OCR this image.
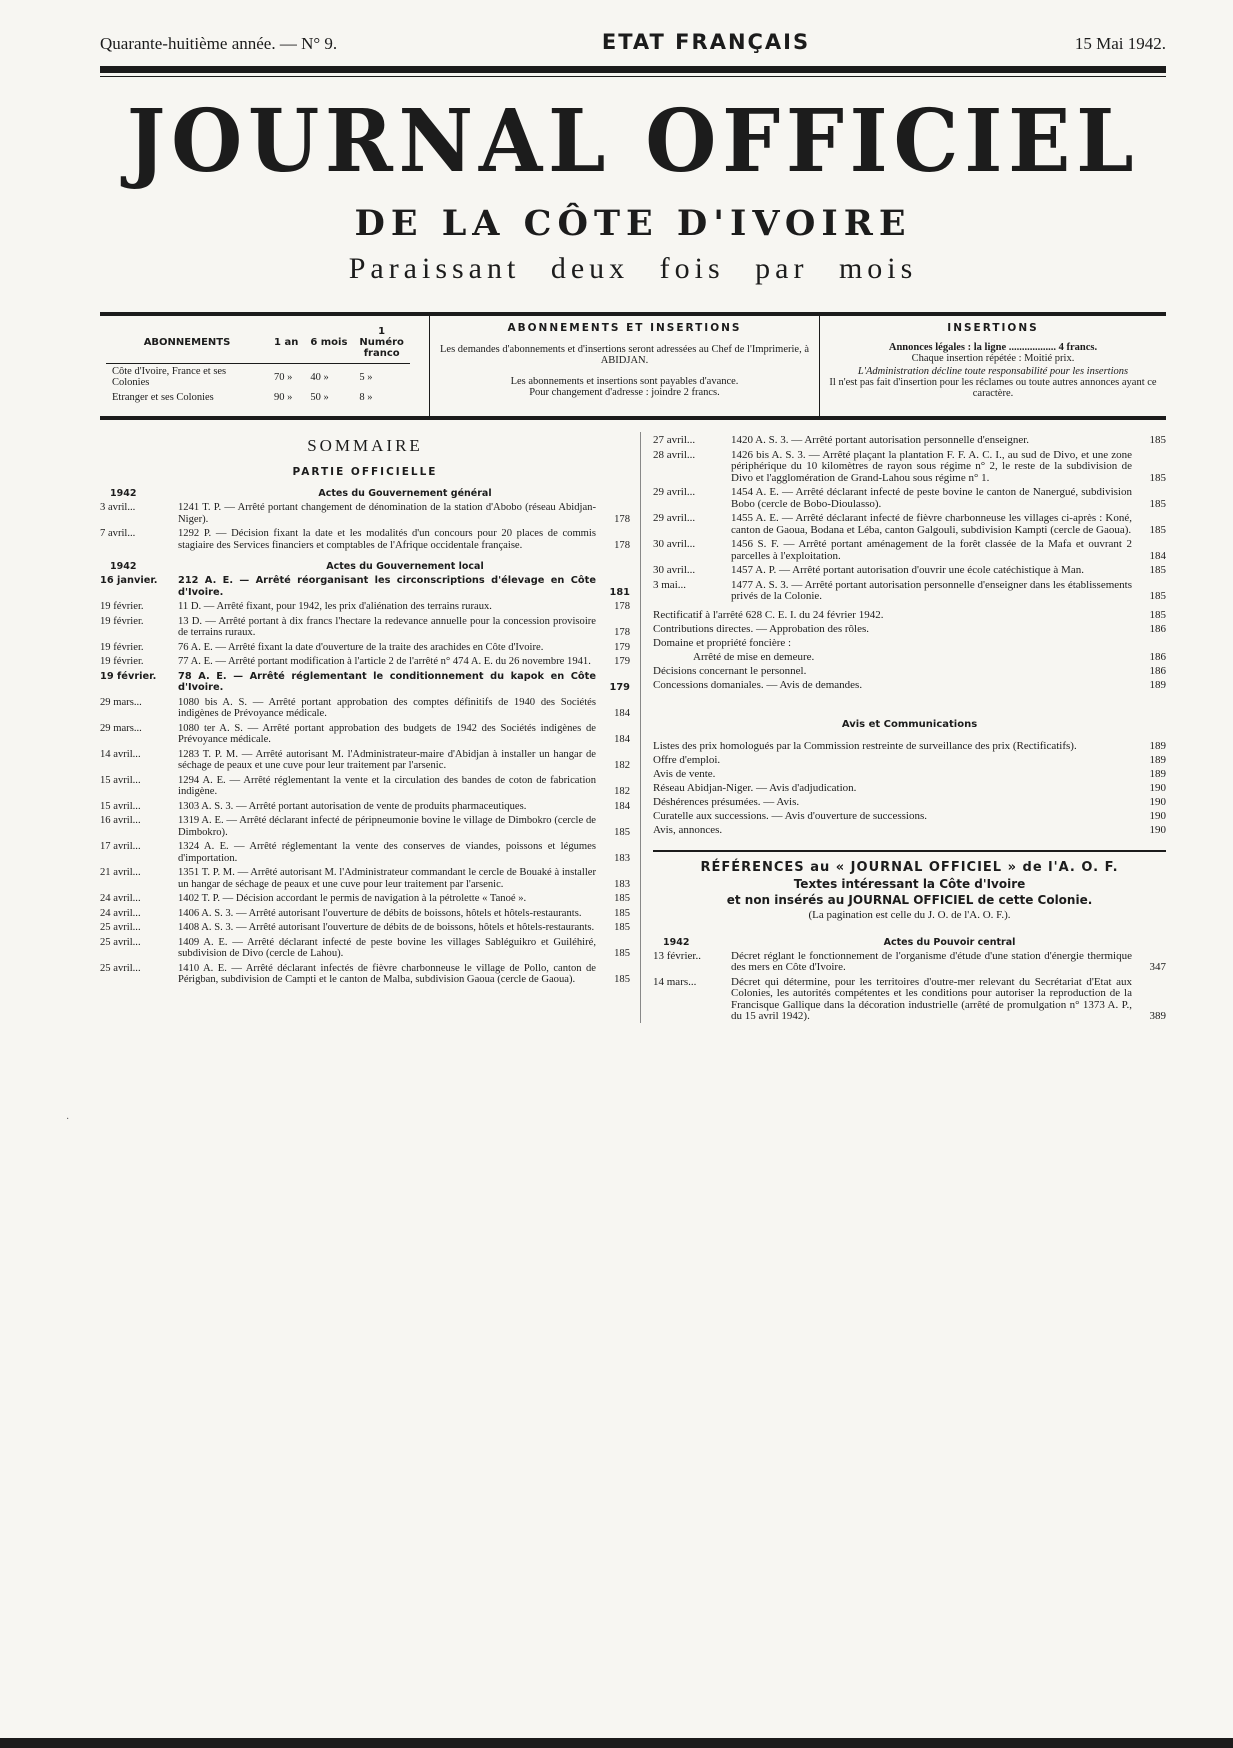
Quarante-huitième année. — N° 9.	ETAT FRANÇAIS	15 Mai 1942.
JOURNAL OFFICIEL
DE LA CÔTE D'IVOIRE
Paraissant deux fois par mois
ABONNEMENTS	1 an	6 mois	1 Numéro franco
Côte d'Ivoire, France et ses Colonies	70 »	40 »	5 »
Etranger et ses Colonies	90 »	50 »	8 »
ABONNEMENTS ET INSERTIONS
Les demandes d'abonnements et d'insertions seront adressées au Chef de l'Imprimerie, à ABIDJAN.
Les abonnements et insertions sont payables d'avance.
Pour changement d'adresse : joindre 2 francs.
INSERTIONS
Annonces légales : la ligne .................. 4 francs.
Chaque insertion répétée : Moitié prix.
L'Administration décline toute responsabilité pour les insertions
Il n'est pas fait d'insertion pour les réclames ou toute autres annonces ayant ce caractère.
SOMMAIRE
PARTIE OFFICIELLE
1942	Actes du Gouvernement général
3 avril...	1241 T. P. — Arrêté portant changement de dénomination de la station d'Abobo (réseau Abidjan-Niger).	178
7 avril...	1292 P. — Décision fixant la date et les modalités d'un concours pour 20 places de commis stagiaire des Services financiers et comptables de l'Afrique occidentale française.	178
1942	Actes du Gouvernement local
16 janvier.	212 A. E. — Arrêté réorganisant les circonscriptions d'élevage en Côte d'Ivoire.	181
19 février.	11 D. — Arrêté fixant, pour 1942, les prix d'aliénation des terrains ruraux.	178
19 février.	13 D. — Arrêté portant à dix francs l'hectare la redevance annuelle pour la concession provisoire de terrains ruraux.	178
19 février.	76 A. E. — Arrêté fixant la date d'ouverture de la traite des arachides en Côte d'Ivoire.	179
19 février.	77 A. E. — Arrêté portant modification à l'article 2 de l'arrêté n° 474 A. E. du 26 novembre 1941.	179
19 février.	78 A. E. — Arrêté réglementant le conditionnement du kapok en Côte d'Ivoire.	179
29 mars...	1080 bis A. S. — Arrêté portant approbation des comptes définitifs de 1940 des Sociétés indigènes de Prévoyance médicale.	184
29 mars...	1080 ter A. S. — Arrêté portant approbation des budgets de 1942 des Sociétés indigènes de Prévoyance médicale.	184
14 avril...	1283 T. P. M. — Arrêté autorisant M. l'Administrateur-maire d'Abidjan à installer un hangar de séchage de peaux et une cuve pour leur traitement par l'arsenic.	182
15 avril...	1294 A. E. — Arrêté réglementant la vente et la circulation des bandes de coton de fabrication indigène.	182
15 avril...	1303 A. S. 3. — Arrêté portant autorisation de vente de produits pharmaceutiques.	184
16 avril...	1319 A. E. — Arrêté déclarant infecté de péripneumonie bovine le village de Dimbokro (cercle de Dimbokro).	185
17 avril...	1324 A. E. — Arrêté réglementant la vente des conserves de viandes, poissons et légumes d'importation.	183
21 avril...	1351 T. P. M. — Arrêté autorisant M. l'Administrateur commandant le cercle de Bouaké à installer un hangar de séchage de peaux et une cuve pour leur traitement par l'arsenic.	183
24 avril...	1402 T. P. — Décision accordant le permis de navigation à la pétrolette « Tanoé ».	185
24 avril...	1406 A. S. 3. — Arrêté autorisant l'ouverture de débits de boissons, hôtels et hôtels-restaurants.	185
25 avril...	1408 A. S. 3. — Arrêté autorisant l'ouverture de débits de de boissons, hôtels et hôtels-restaurants.	185
25 avril...	1409 A. E. — Arrêté déclarant infecté de peste bovine les villages Sabléguikro et Guiléhiré, subdivision de Divo (cercle de Lahou).	185
25 avril...	1410 A. E. — Arrêté déclarant infectés de fièvre charbonneuse le village de Pollo, canton de Périgban, subdivision de Campti et le canton de Malba, subdivision Gaoua (cercle de Gaoua).	185
27 avril...	1420 A. S. 3. — Arrêté portant autorisation personnelle d'enseigner.	185
28 avril...	1426 bis A. S. 3. — Arrêté plaçant la plantation F. F. A. C. I., au sud de Divo, et une zone périphérique du 10 kilomètres de rayon sous régime n° 2, le reste de la subdivision de Divo et l'agglomération de Grand-Lahou sous régime n° 1.	185
29 avril...	1454 A. E. — Arrêté déclarant infecté de peste bovine le canton de Nanergué, subdivision Bobo (cercle de Bobo-Dioulasso).	185
29 avril...	1455 A. E. — Arrêté déclarant infecté de fièvre charbonneuse les villages ci-après : Koné, canton de Gaoua, Bodana et Léba, canton Galgouli, subdivision Kampti (cercle de Gaoua).	185
30 avril...	1456 S. F. — Arrêté portant aménagement de la forêt classée de la Mafa et ouvrant 2 parcelles à l'exploitation.	184
30 avril...	1457 A. P. — Arrêté portant autorisation d'ouvrir une école catéchistique à Man.	185
3 mai...	1477 A. S. 3. — Arrêté portant autorisation personnelle d'enseigner dans les établissements privés de la Colonie.	185
Rectificatif à l'arrêté 628 C. E. I. du 24 février 1942.	185
Contributions directes. — Approbation des rôles.	186
Domaine et propriété foncière :
Arrêté de mise en demeure.	186
Décisions concernant le personnel.	186
Concessions domaniales. — Avis de demandes.	189
Avis et Communications
Listes des prix homologués par la Commission restreinte de surveillance des prix (Rectificatifs).	189
Offre d'emploi.	189
Avis de vente.	189
Réseau Abidjan-Niger. — Avis d'adjudication.	190
Déshérences présumées. — Avis.	190
Curatelle aux successions. — Avis d'ouverture de successions.	190
Avis, annonces.	190
RÉFÉRENCES au « JOURNAL OFFICIEL » de l'A. O. F.
Textes intéressant la Côte d'Ivoire
et non insérés au JOURNAL OFFICIEL de cette Colonie.
(La pagination est celle du J. O. de l'A. O. F.).
1942	Actes du Pouvoir central
13 février..	Décret réglant le fonctionnement de l'organisme d'étude d'une station d'énergie thermique des mers en Côte d'Ivoire.	347
14 mars...	Décret qui détermine, pour les territoires d'outre-mer relevant du Secrétariat d'Etat aux Colonies, les autorités compétentes et les conditions pour autoriser la reproduction de la Francisque Gallique dans la décoration industrielle (arrêté de promulgation n° 1373 A. P., du 15 avril 1942).	389
·
